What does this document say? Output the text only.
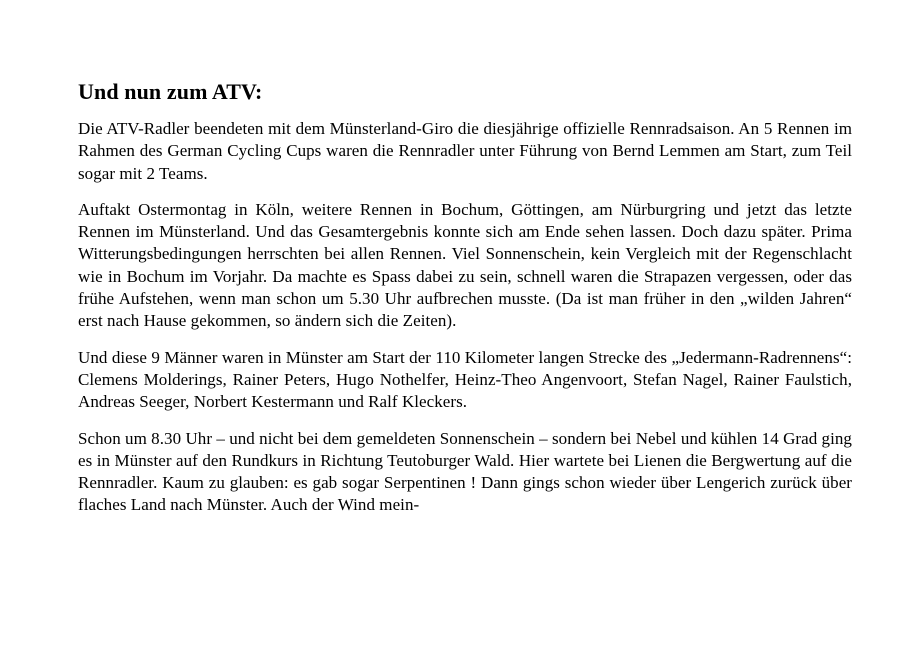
Und nun zum ATV:

Die ATV-Radler beendeten mit dem Münsterland-Giro die diesjährige offizielle Rennradsaison. An 5 Rennen im Rahmen des German Cycling Cups waren die Rennradler unter Führung von Bernd Lemmen am Start, zum Teil sogar mit 2 Teams.

Auftakt Ostermontag in Köln, weitere Rennen in Bochum, Göttingen, am Nürburgring und jetzt das letzte Rennen im Münsterland. Und das Gesamtergebnis konnte sich am Ende sehen lassen. Doch dazu später. Prima Witterungsbedingungen herrschten bei allen Rennen. Viel Sonnenschein, kein Vergleich mit der Regenschlacht wie in Bochum im Vorjahr. Da machte es Spass dabei zu sein, schnell waren die Strapazen vergessen, oder das frühe Aufstehen, wenn man schon um 5.30 Uhr aufbrechen musste. (Da ist man früher in den „wilden Jahren“ erst nach Hause gekommen, so ändern sich die Zeiten).

Und diese 9 Männer waren in Münster am Start der 110 Kilometer langen Strecke des „Jedermann-Radrennens“: Clemens Molderings, Rainer Peters, Hugo Nothelfer, Heinz-Theo Angenvoort, Stefan Nagel, Rainer Faulstich, Andreas Seeger, Norbert Kestermann und Ralf Kleckers.

Schon um 8.30 Uhr – und nicht bei dem gemeldeten Sonnenschein – sondern bei Nebel und kühlen 14 Grad ging es in Münster auf den Rundkurs in Richtung Teutoburger Wald. Hier wartete bei Lienen die Bergwertung auf die Rennradler. Kaum zu glauben: es gab sogar Serpentinen ! Dann gings schon wieder über Lengerich zurück über flaches Land nach Münster. Auch der Wind mein-
